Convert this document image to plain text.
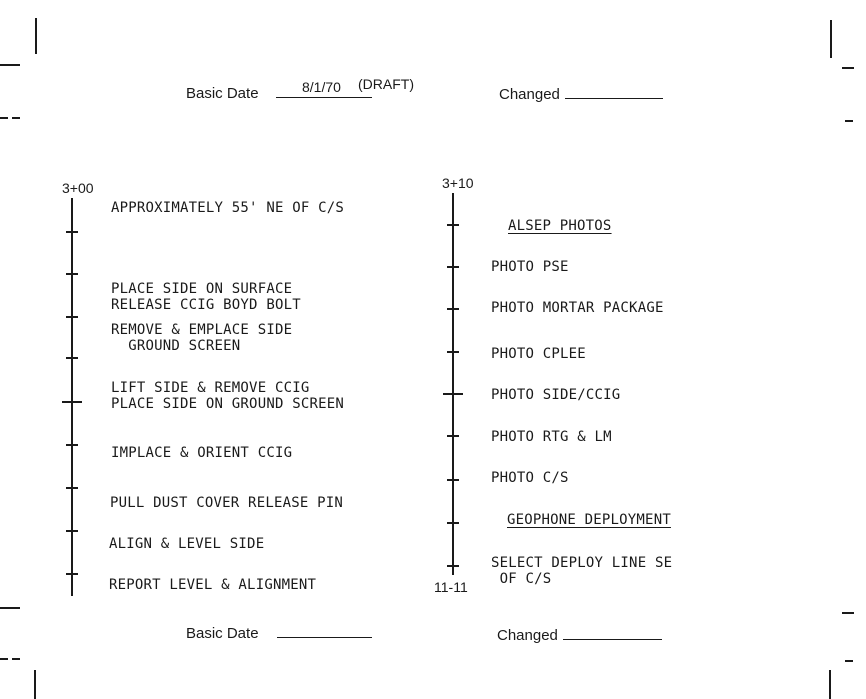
Basic Date	8/1/70 (DRAFT)
Changed
3+00
APPROXIMATELY 55' NE OF C/S
PLACE SIDE ON SURFACE
RELEASE CCIG BOYD BOLT
REMOVE & EMPLACE SIDE
GROUND SCREEN
LIFT SIDE & REMOVE CCIG
PLACE SIDE ON GROUND SCREEN
IMPLACE & ORIENT CCIG
PULL DUST COVER RELEASE PIN
ALIGN & LEVEL SIDE
REPORT LEVEL & ALIGNMENT
3+10
11-11
ALSEP PHOTOS
PHOTO PSE
PHOTO MORTAR PACKAGE
PHOTO CPLEE
PHOTO SIDE/CCIG
PHOTO RTG & LM
PHOTO C/S
GEOPHONE DEPLOYMENT
SELECT DEPLOY LINE SE
OF C/S
Basic Date	Changed
